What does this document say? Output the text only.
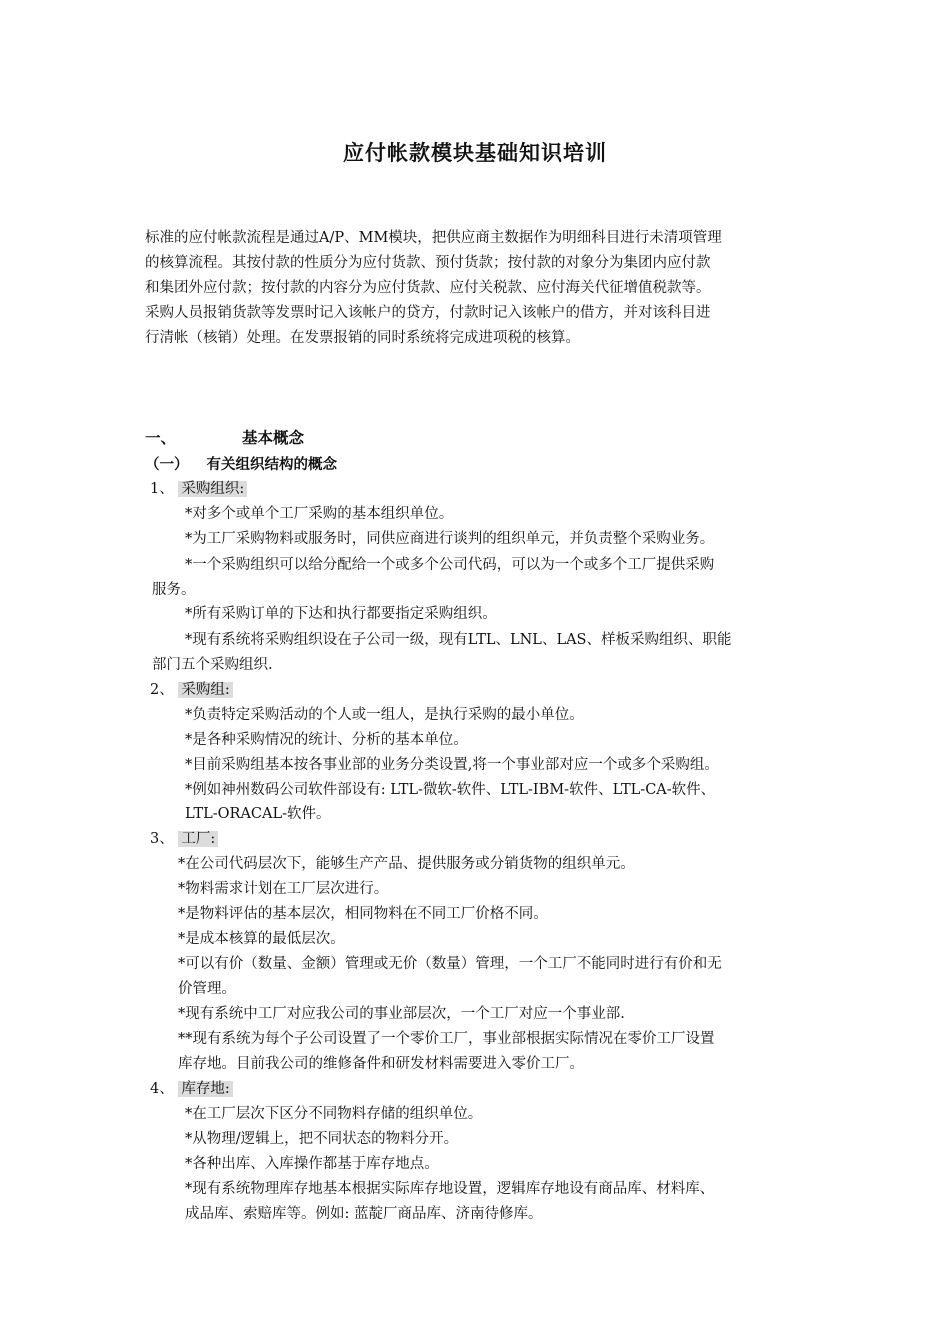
应付帐款模块基础知识培训
标准的应付帐款流程是通过A/P、MM模块，把供应商主数据作为明细科目进行未清项管理
的核算流程。其按付款的性质分为应付货款、预付货款；按付款的对象分为集团内应付款
和集团外应付款；按付款的内容分为应付货款、应付关税款、应付海关代征增值税款等。
采购人员报销货款等发票时记入该帐户的贷方，付款时记入该帐户的借方，并对该科目进
行清帐（核销）处理。在发票报销的同时系统将完成进项税的核算。
一、	基本概念
（一） 有关组织结构的概念
1、 采购组织:
*对多个或单个工厂采购的基本组织单位。
*为工厂采购物料或服务时，同供应商进行谈判的组织单元，并负责整个采购业务。
*一个采购组织可以给分配给一个或多个公司代码，可以为一个或多个工厂提供采购
服务。
*所有采购订单的下达和执行都要指定采购组织。
*现有系统将采购组织设在子公司一级，现有LTL、LNL、LAS、样板采购组织、职能
部门五个采购组织.
2、 采购组:
*负责特定采购活动的个人或一组人，是执行采购的最小单位。
*是各种采购情况的统计、分析的基本单位。
*目前采购组基本按各事业部的业务分类设置,将一个事业部对应一个或多个采购组。
*例如神州数码公司软件部设有: LTL-微软-软件、LTL-IBM-软件、LTL-CA-软件、
LTL-ORACAL-软件。
3、 工厂:
*在公司代码层次下，能够生产产品、提供服务或分销货物的组织单元。
*物料需求计划在工厂层次进行。
*是物料评估的基本层次，相同物料在不同工厂价格不同。
*是成本核算的最低层次。
*可以有价（数量、金额）管理或无价（数量）管理，一个工厂不能同时进行有价和无
价管理。
*现有系统中工厂对应我公司的事业部层次，一个工厂对应一个事业部.
**现有系统为每个子公司设置了一个零价工厂，事业部根据实际情况在零价工厂设置
库存地。目前我公司的维修备件和研发材料需要进入零价工厂。
4、 库存地:
*在工厂层次下区分不同物料存储的组织单位。
*从物理/逻辑上，把不同状态的物料分开。
*各种出库、入库操作都基于库存地点。
*现有系统物理库存地基本根据实际库存地设置，逻辑库存地设有商品库、材料库、
成品库、索赔库等。例如: 蓝靛厂商品库、济南待修库。
